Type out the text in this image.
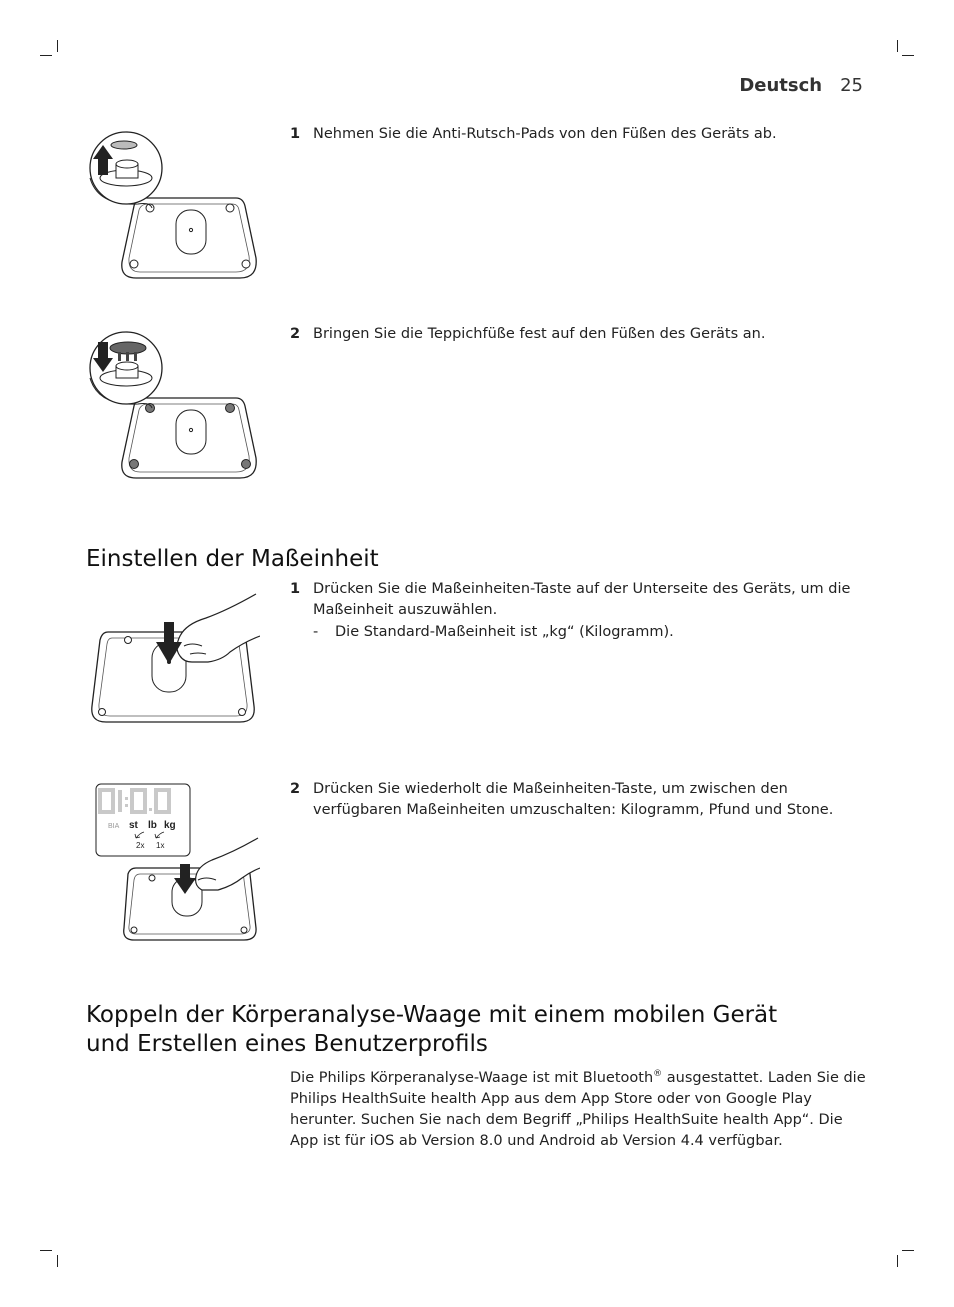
Deutsch 25
1 Nehmen Sie die Anti-Rutsch-Pads von den Füßen des Geräts ab.
2 Bringen Sie die Teppichfüße fest auf den Füßen des Geräts an.
Einstellen der Maßeinheit
1 Drücken Sie die Maßeinheiten-Taste auf der Unterseite des Geräts, um die Maßeinheit auszuwählen.
- Die Standard-Maßeinheit ist „kg“ (Kilogramm).
BIA st lb kg
2x 1x
2 Drücken Sie wiederholt die Maßeinheiten-Taste, um zwischen den verfügbaren Maßeinheiten umzuschalten: Kilogramm, Pfund und Stone.
Koppeln der Körperanalyse-Waage mit einem mobilen Gerät
und Erstellen eines Benutzerprofils

Die Philips Körperanalyse-Waage ist mit Bluetooth® ausgestattet. Laden Sie die Philips HealthSuite health App aus dem App Store oder von Google Play herunter. Suchen Sie nach dem Begriff „Philips HealthSuite health App“. Die App ist für iOS ab Version 8.0 und Android ab Version 4.4 verfügbar.
